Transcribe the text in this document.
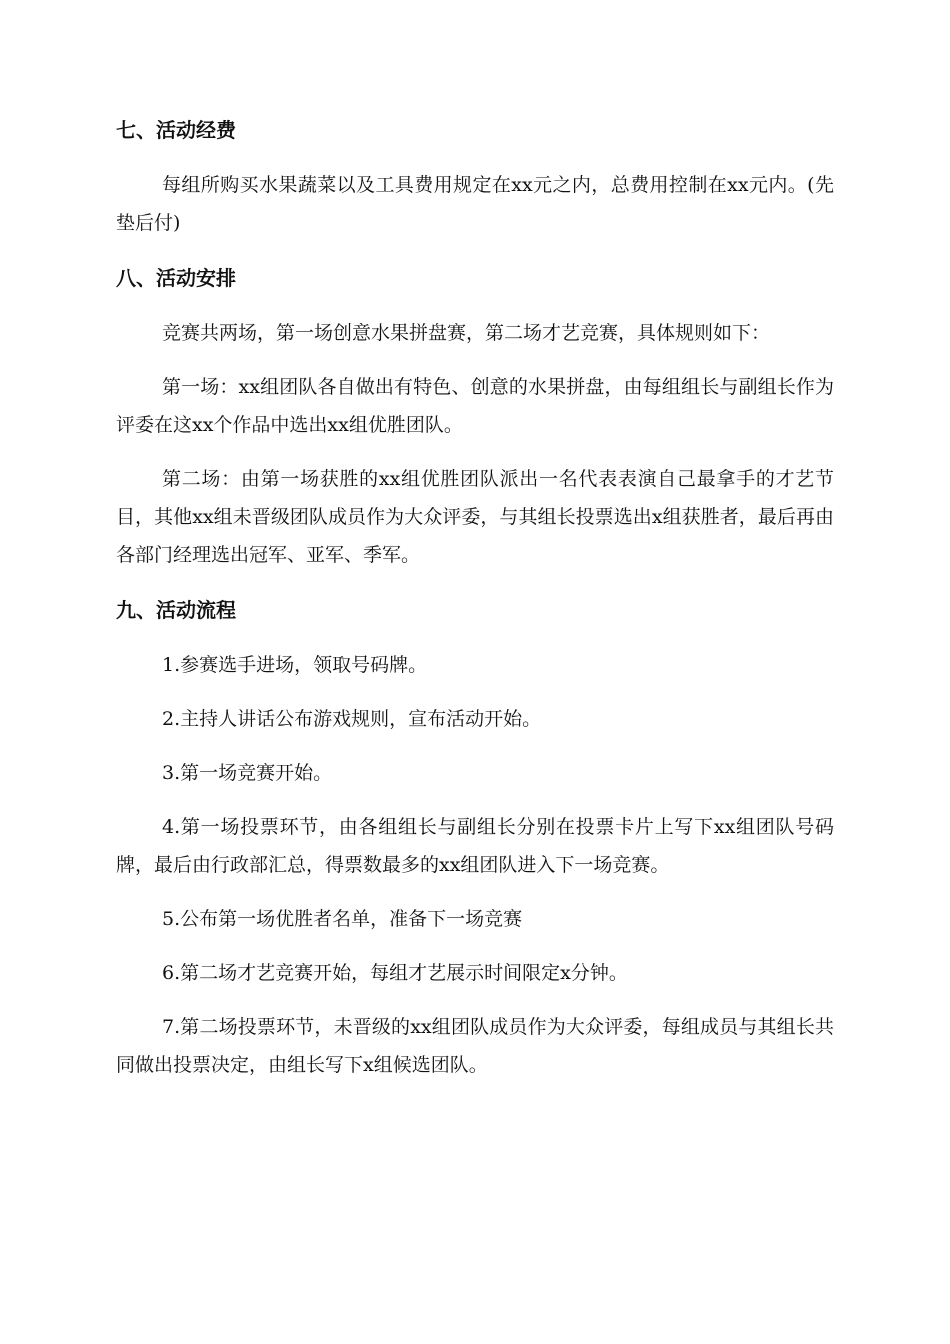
七、活动经费

每组所购买水果蔬菜以及工具费用规定在xx元之内，总费用控制在xx元内。(先垫后付)

八、活动安排

竞赛共两场，第一场创意水果拼盘赛，第二场才艺竞赛，具体规则如下：

第一场：xx组团队各自做出有特色、创意的水果拼盘，由每组组长与副组长作为评委在这xx个作品中选出xx组优胜团队。

第二场：由第一场获胜的xx组优胜团队派出一名代表表演自己最拿手的才艺节目，其他xx组未晋级团队成员作为大众评委，与其组长投票选出x组获胜者，最后再由各部门经理选出冠军、亚军、季军。

九、活动流程

1.参赛选手进场，领取号码牌。

2.主持人讲话公布游戏规则，宣布活动开始。

3.第一场竞赛开始。

4.第一场投票环节，由各组组长与副组长分别在投票卡片上写下xx组团队号码牌，最后由行政部汇总，得票数最多的xx组团队进入下一场竞赛。

5.公布第一场优胜者名单，准备下一场竞赛

6.第二场才艺竞赛开始，每组才艺展示时间限定x分钟。

7.第二场投票环节，未晋级的xx组团队成员作为大众评委，每组成员与其组长共同做出投票决定，由组长写下x组候选团队。
